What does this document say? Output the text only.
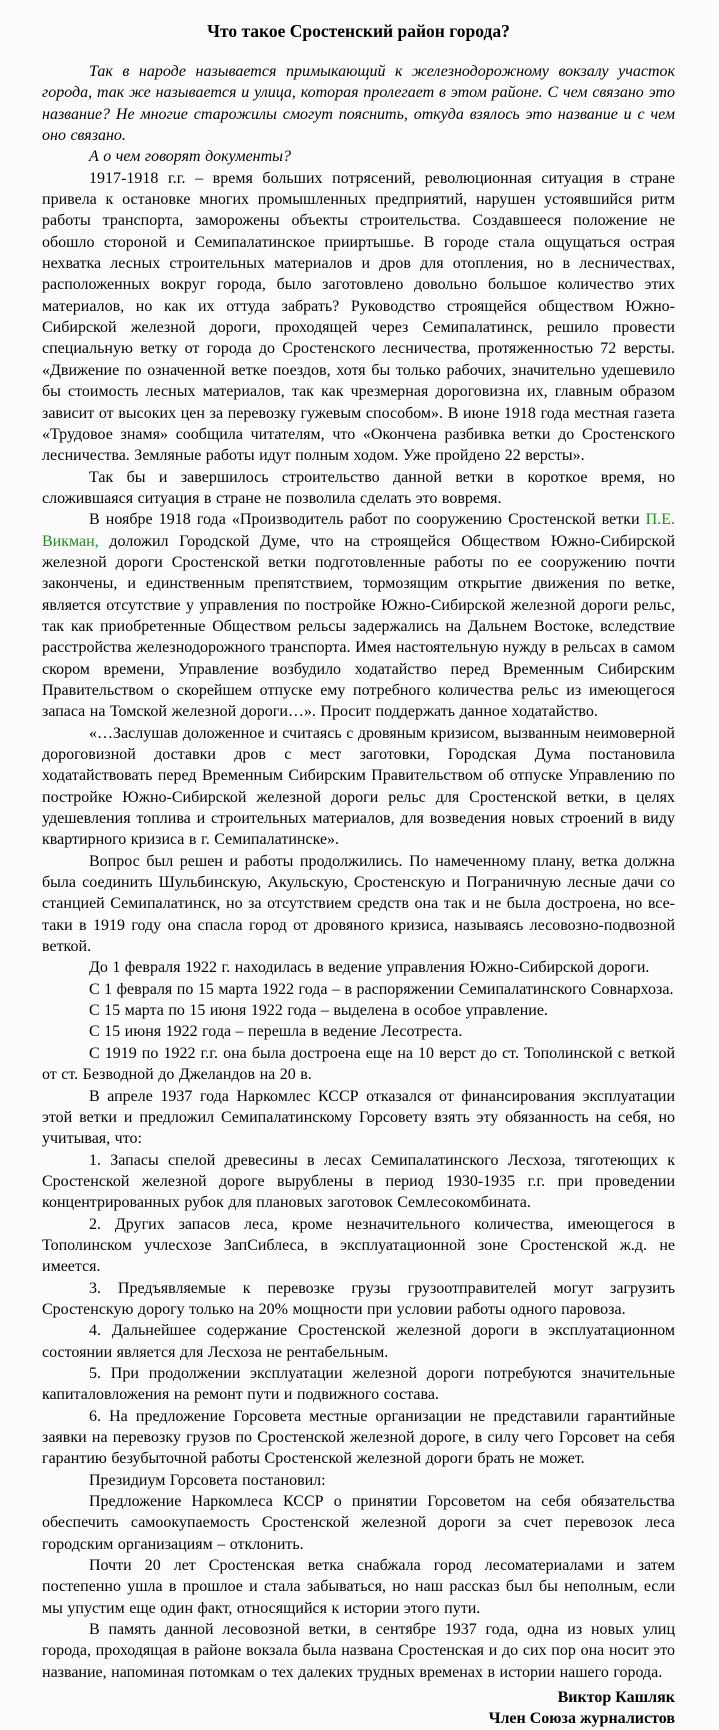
Что такое Сростенский район города?

Так в народе называется примыкающий к железнодорожному вокзалу участок города, так же называется и улица, которая пролегает в этом районе. С чем связано это название? Не многие старожилы смогут пояснить, откуда взялось это название и с чем оно связано.

А о чем говорят документы?

1917-1918 г.г. – время больших потрясений, революционная ситуация в стране привела к остановке многих промышленных предприятий, нарушен устоявшийся ритм работы транспорта, заморожены объекты строительства. Создавшееся положение не обошло стороной и Семипалатинское прииртышье. В городе стала ощущаться острая нехватка лесных строительных материалов и дров для отопления, но в лесничествах, расположенных вокруг города, было заготовлено довольно большое количество этих материалов, но как их оттуда забрать? Руководство строящейся обществом Южно-Сибирской железной дороги, проходящей через Семипалатинск, решило провести специальную ветку от города до Сростенского лесничества, протяженностью 72 версты. «Движение по означенной ветке поездов, хотя бы только рабочих, значительно удешевило бы стоимость лесных материалов, так как чрезмерная дороговизна их, главным образом зависит от высоких цен за перевозку гужевым способом». В июне 1918 года местная газета «Трудовое знамя» сообщила читателям, что «Окончена разбивка ветки до Сростенского лесничества. Земляные работы идут полным ходом. Уже пройдено 22 версты».

Так бы и завершилось строительство данной ветки в короткое время, но сложившаяся ситуация в стране не позволила сделать это вовремя.

В ноябре 1918 года «Производитель работ по сооружению Сростенской ветки П.Е. Викман, доложил Городской Думе, что на строящейся Обществом Южно-Сибирской железной дороги Сростенской ветки подготовленные работы по ее сооружению почти закончены, и единственным препятствием, тормозящим открытие движения по ветке, является отсутствие у управления по постройке Южно-Сибирской железной дороги рельс, так как приобретенные Обществом рельсы задержались на Дальнем Востоке, вследствие расстройства железнодорожного транспорта. Имея настоятельную нужду в рельсах в самом скором времени, Управление возбудило ходатайство перед Временным Сибирским Правительством о скорейшем отпуске ему потребного количества рельс из имеющегося запаса на Томской железной дороги…». Просит поддержать данное ходатайство.

«…Заслушав доложенное и считаясь с дровяным кризисом, вызванным неимоверной дороговизной доставки дров с мест заготовки, Городская Дума постановила ходатайствовать перед Временным Сибирским Правительством об отпуске Управлению по постройке Южно-Сибирской железной дороги рельс для Сростенской ветки, в целях удешевления топлива и строительных материалов, для возведения новых строений в виду квартирного кризиса в г. Семипалатинске».

Вопрос был решен и работы продолжились. По намеченному плану, ветка должна была соединить Шульбинскую, Акульскую, Сростенскую и Пограничную лесные дачи со станцией Семипалатинск, но за отсутствием средств она так и не была достроена, но все-таки в 1919 году она спасла город от дровяного кризиса, называясь лесовозно-подвозной веткой.

До 1 февраля 1922 г. находилась в ведение управления Южно-Сибирской дороги.

С 1 февраля по 15 марта 1922 года – в распоряжении Семипалатинского Совнархоза.

С 15 марта по 15 июня 1922 года – выделена в особое управление.

С 15 июня 1922 года – перешла в ведение Лесотреста.

С 1919 по 1922 г.г. она была достроена еще на 10 верст до ст. Тополинской с веткой от ст. Безводной до Джеландов на 20 в.

В апреле 1937 года Наркомлес КССР отказался от финансирования эксплуатации этой ветки и предложил Семипалатинскому Горсовету взять эту обязанность на себя, но учитывая, что:

1. Запасы спелой древесины в лесах Семипалатинского Лесхоза, тяготеющих к Сростенской железной дороге вырублены в период 1930-1935 г.г. при проведении концентрированных рубок для плановых заготовок Семлесокомбината.

2. Других запасов леса, кроме незначительного количества, имеющегося в Тополинском учлесхозе ЗапСиблеса, в эксплуатационной зоне Сростенской ж.д. не имеется.

3. Предъявляемые к перевозке грузы грузоотправителей могут загрузить Сростенскую дорогу только на 20% мощности при условии работы одного паровоза.

4. Дальнейшее содержание Сростенской железной дороги в эксплуатационном состоянии является для Лесхоза не рентабельным.

5. При продолжении эксплуатации железной дороги потребуются значительные капиталовложения на ремонт пути и подвижного состава.

6. На предложение Горсовета местные организации не представили гарантийные заявки на перевозку грузов по Сростенской железной дороге, в силу чего Горсовет на себя гарантию безубыточной работы Сростенской железной дороги брать не может.

Президиум Горсовета постановил:

Предложение Наркомлеса КССР о принятии Горсоветом на себя обязательства обеспечить самоокупаемость Сростенской железной дороги за счет перевозок леса городским организациям – отклонить.

Почти 20 лет Сростенская ветка снабжала город лесоматериалами и затем постепенно ушла в прошлое и стала забываться, но наш рассказ был бы неполным, если мы упустим еще один факт, относящийся к истории этого пути.

В память данной лесовозной ветки, в сентябре 1937 года, одна из новых улиц города, проходящая в районе вокзала была названа Сростенская и до сих пор она носит это название, напоминая потомкам о тех далеких трудных временах в истории нашего города.

Виктор Кашляк
Член Союза журналистов
